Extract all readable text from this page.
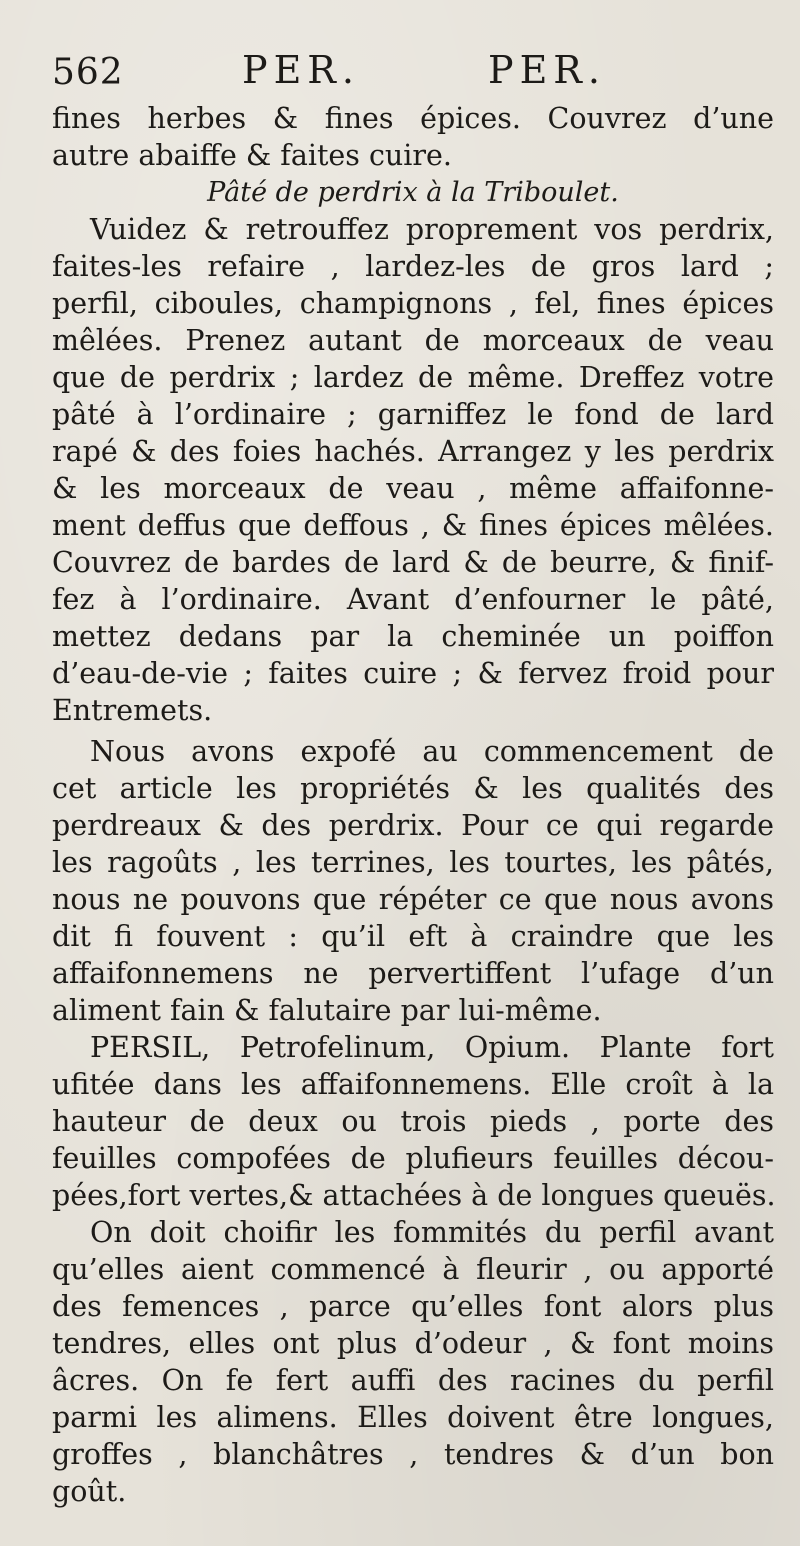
562	PER.	PER.
fines herbes & fines épices. Couvrez d’une
autre abaiffe & faites cuire.
Pâté de perdrix à la Triboulet.
Vuidez & retrouffez proprement vos perdrix,
faites-les refaire , lardez-les de gros lard ;
perfil, ciboules, champignons , fel, fines épices
mêlées. Prenez autant de morceaux de veau
que de perdrix ; lardez de même. Dreffez votre
pâté à l’ordinaire ; garniffez le fond de lard
rapé & des foies hachés. Arrangez y les perdrix
& les morceaux de veau , même affaifonne-
ment deffus que deffous , & fines épices mêlées.
Couvrez de bardes de lard & de beurre, & finif-
fez à l’ordinaire. Avant d’enfourner le pâté,
mettez dedans par la cheminée un poiffon
d’eau-de-vie ; faites cuire ; & fervez froid pour
Entremets.
Nous avons expofé au commencement de
cet article les propriétés & les qualités des
perdreaux & des perdrix. Pour ce qui regarde
les ragoûts , les terrines, les tourtes, les pâtés,
nous ne pouvons que répéter ce que nous avons
dit fi fouvent : qu’il eft à craindre que les
affaifonnemens ne pervertiffent l’ufage d’un
aliment fain & falutaire par lui-même.
PERSIL, Petrofelinum, Opium. Plante fort
ufitée dans les affaifonnemens. Elle croît à la
hauteur de deux ou trois pieds , porte des
feuilles compofées de plufieurs feuilles décou-
pées,fort vertes,& attachées à de longues queuës.
On doit choifir les fommités du perfil avant
qu’elles aient commencé à fleurir , ou apporté
des femences , parce qu’elles font alors plus
tendres, elles ont plus d’odeur , & font moins
âcres. On fe fert auffi des racines du perfil
parmi les alimens. Elles doivent être longues,
groffes , blanchâtres , tendres & d’un bon
goût.
